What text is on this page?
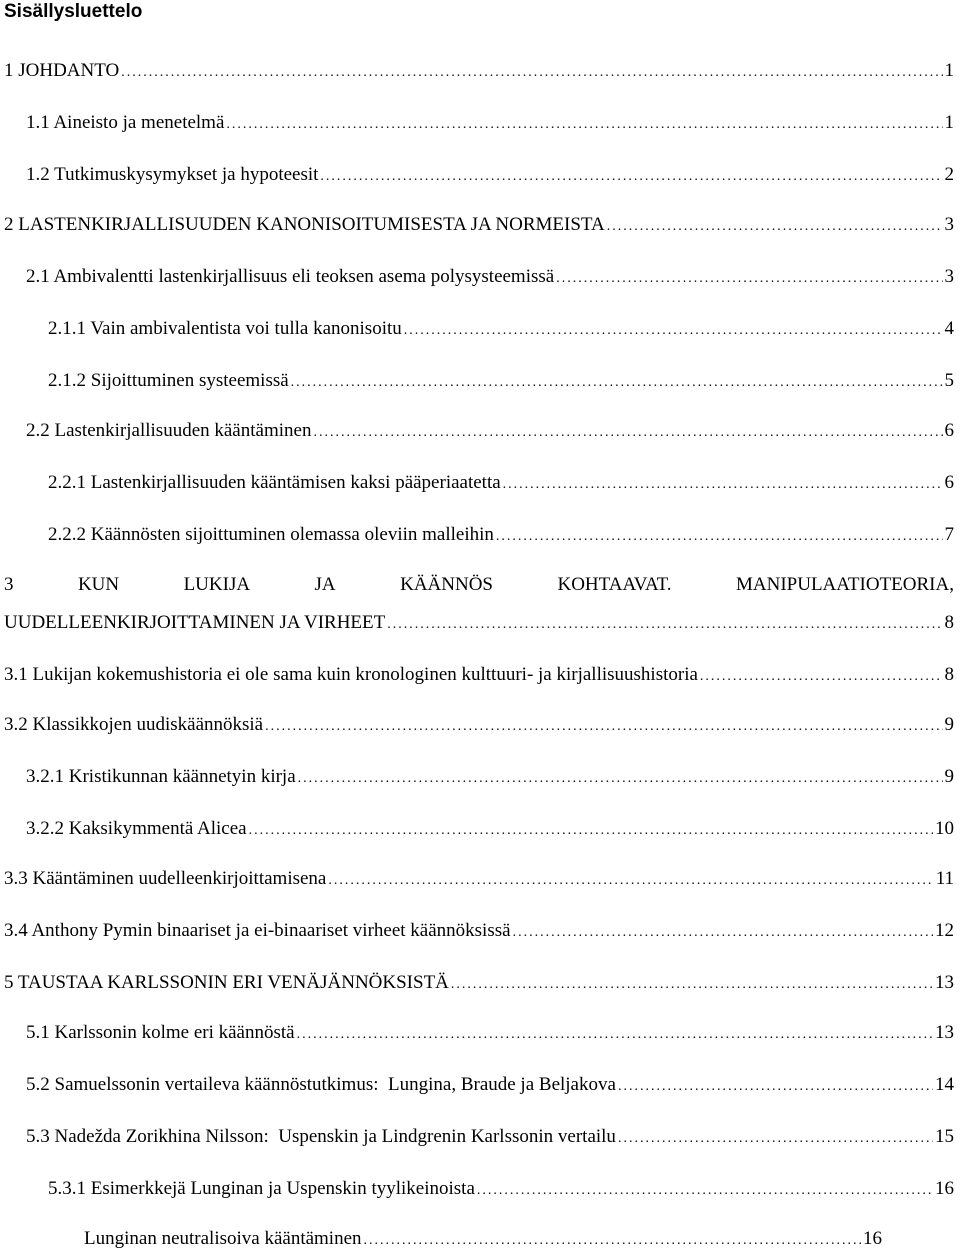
Sisällysluettelo
1 JOHDANTO .....	1
1.1 Aineisto ja menetelmä .....	1
1.2 Tutkimuskysymykset ja hypoteesit .....	2
2 LASTENKIRJALLISUUDEN KANONISOITUMISESTA JA NORMEISTA .....	3
2.1 Ambivalentti lastenkirjallisuus eli teoksen asema polysysteemissä .....	3
2.1.1 Vain ambivalentista voi tulla kanonisoitu .....	4
2.1.2 Sijoittuminen systeemissä .....	5
2.2 Lastenkirjallisuuden kääntäminen .....	6
2.2.1 Lastenkirjallisuuden kääntämisen kaksi pääperiaatetta .....	6
2.2.2 Käännösten sijoittuminen olemassa oleviin malleihin .....	7
3	KUN	LUKIJA	JA	KÄÄNNÖS	KOHTAAVAT.	MANIPULAATIOTEORIA,
UUDELLEENKIRJOITTAMINEN JA VIRHEET .....	8
3.1 Lukijan kokemushistoria ei ole sama kuin kronologinen kulttuuri- ja kirjallisuushistoria .....	8
3.2 Klassikkojen uudiskäännöksiä .....	9
3.2.1 Kristikunnan käännetyin kirja .....	9
3.2.2 Kaksikymmentä Alicea .....	10
3.3 Kääntäminen uudelleenkirjoittamisena .....	11
3.4 Anthony Pymin binaariset ja ei-binaariset virheet käännöksissä .....	12
5 TAUSTAA KARLSSONIN ERI VENÄJÄNNÖKSISTÄ .....	13
5.1 Karlssonin kolme eri käännöstä .....	13
5.2 Samuelssonin vertaileva käännöstutkimus:  Lungina, Braude ja Beljakova .....	14
5.3 Nadežda Zorikhina Nilsson:  Uspenskin ja Lindgrenin Karlssonin vertailu .....	15
5.3.1 Esimerkkejä Lunginan ja Uspenskin tyylikeinoista .....	16
Lunginan neutralisoiva kääntäminen .....	16
